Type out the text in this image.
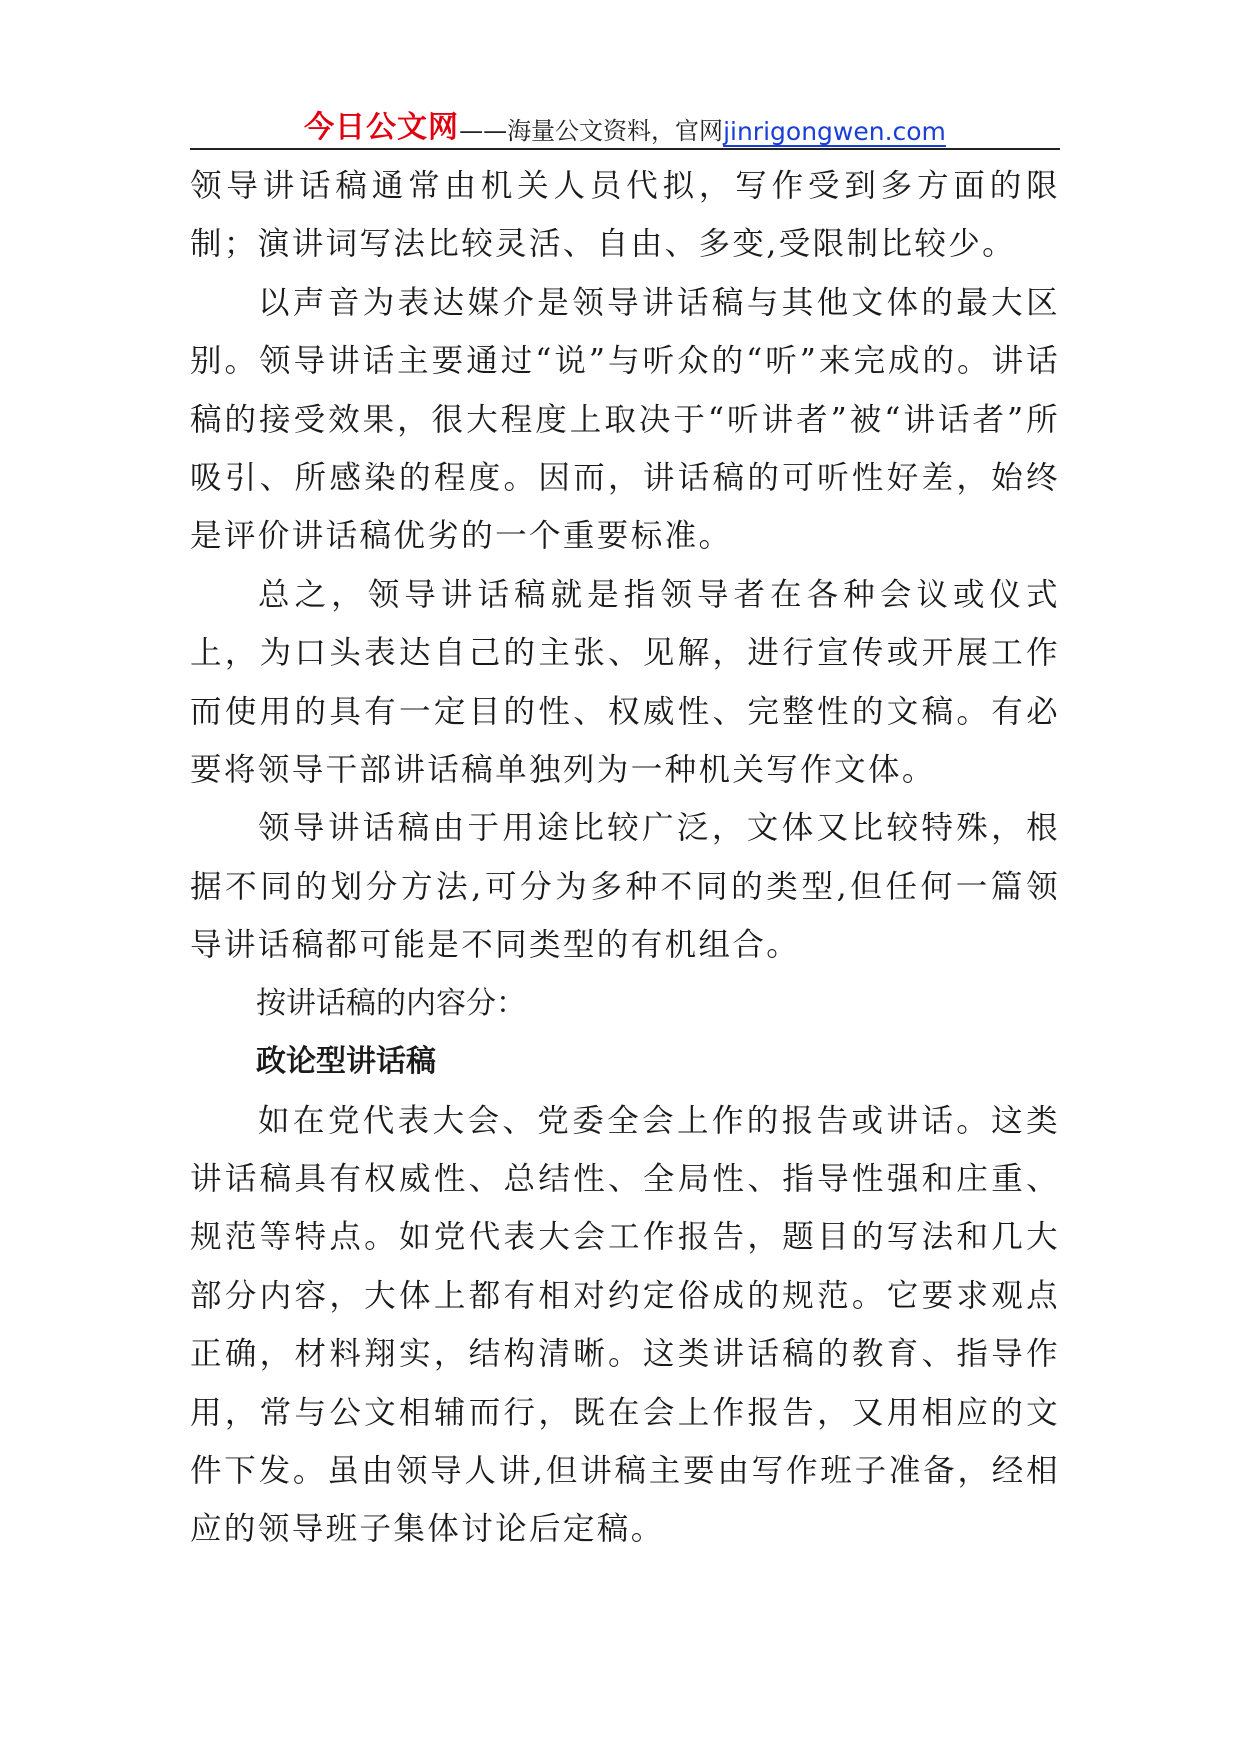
今日公文网 ——海量公文资料，官网 jinrigongwen.com

领导讲话稿通常由机关人员代拟，写作受到多方面的限制；演讲词写法比较灵活、自由、多变,受限制比较少。

以声音为表达媒介是领导讲话稿与其他文体的最大区别。领导讲话主要通过“说”与听众的“听”来完成的。讲话稿的接受效果，很大程度上取决于“听讲者”被“讲话者”所吸引、所感染的程度。因而，讲话稿的可听性好差，始终是评价讲话稿优劣的一个重要标准。

总之，领导讲话稿就是指领导者在各种会议或仪式上，为口头表达自己的主张、见解，进行宣传或开展工作而使用的具有一定目的性、权威性、完整性的文稿。有必要将领导干部讲话稿单独列为一种机关写作文体。

领导讲话稿由于用途比较广泛，文体又比较特殊，根据不同的划分方法,可分为多种不同的类型,但任何一篇领导讲话稿都可能是不同类型的有机组合。

按讲话稿的内容分：

政论型讲话稿

如在党代表大会、党委全会上作的报告或讲话。这类讲话稿具有权威性、总结性、全局性、指导性强和庄重、规范等特点。如党代表大会工作报告，题目的写法和几大部分内容，大体上都有相对约定俗成的规范。它要求观点正确，材料翔实，结构清晰。这类讲话稿的教育、指导作用，常与公文相辅而行，既在会上作报告，又用相应的文件下发。虽由领导人讲,但讲稿主要由写作班子准备，经相应的领导班子集体讨论后定稿。
